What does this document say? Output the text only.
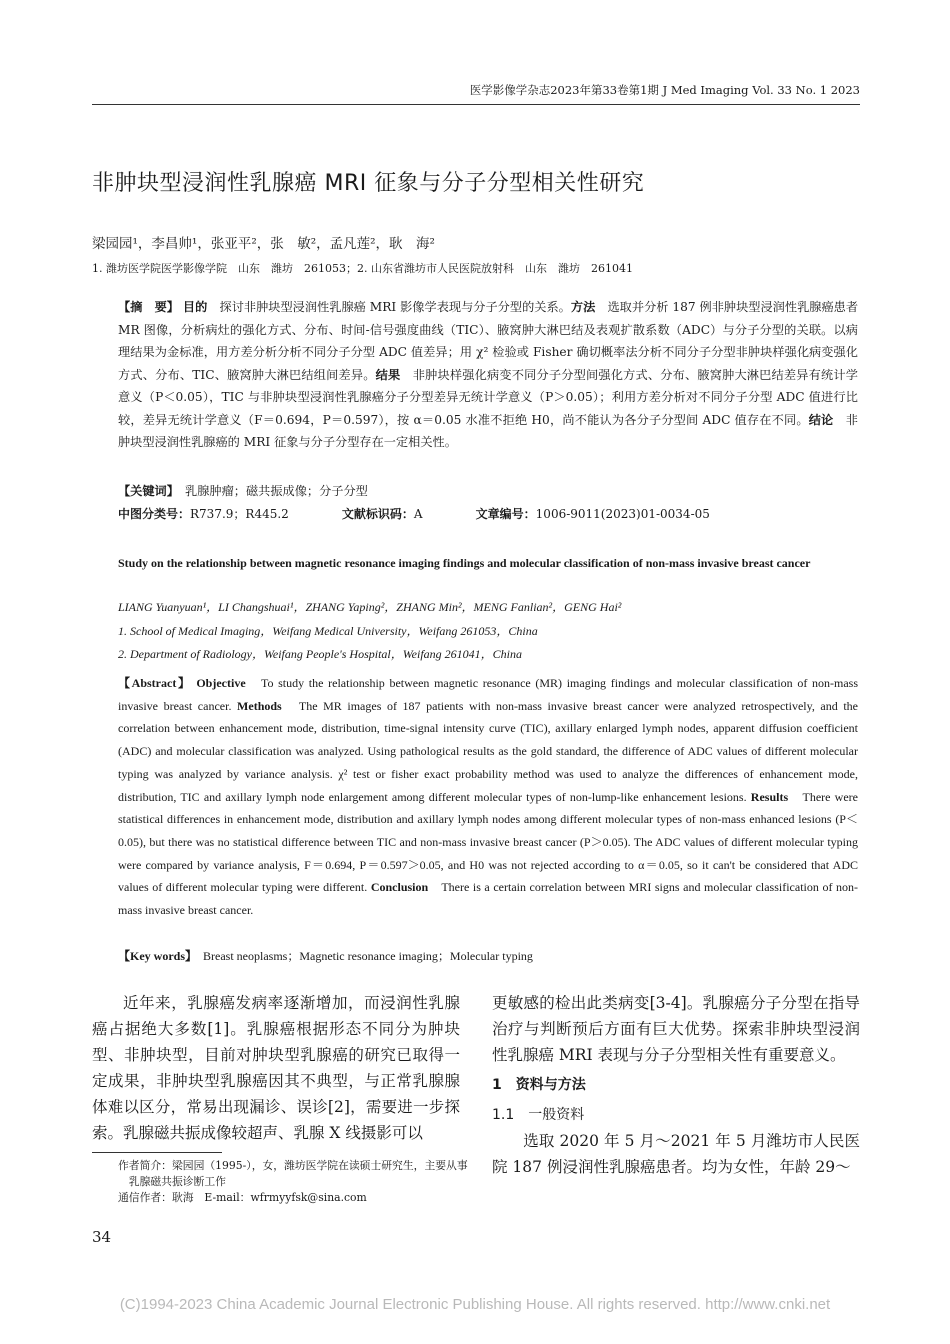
医学影像学杂志2023年第33卷第1期 J Med Imaging Vol. 33 No. 1 2023
非肿块型浸润性乳腺癌 MRI 征象与分子分型相关性研究
梁园园¹，李昌帅¹，张亚平²，张　敏²，孟凡莲²，耿　海²
1. 潍坊医学院医学影像学院　山东　潍坊　261053；2. 山东省潍坊市人民医院放射科　山东　潍坊　261041
【摘　要】 目的　探讨非肿块型浸润性乳腺癌 MRI 影像学表现与分子分型的关系。方法　选取并分析 187 例非肿块型浸润性乳腺癌患者 MR 图像，分析病灶的强化方式、分布、时间-信号强度曲线（TIC）、腋窝肿大淋巴结及表观扩散系数（ADC）与分子分型的关联。以病理结果为金标准，用方差分析分析不同分子分型 ADC 值差异；用 χ² 检验或 Fisher 确切概率法分析不同分子分型非肿块样强化病变强化方式、分布、TIC、腋窝肿大淋巴结组间差异。结果　非肿块样强化病变不同分子分型间强化方式、分布、腋窝肿大淋巴结差异有统计学意义（P＜0.05），TIC 与非肿块型浸润性乳腺癌分子分型差异无统计学意义（P＞0.05）；利用方差分析对不同分子分型 ADC 值进行比较，差异无统计学意义（F＝0.694，P＝0.597），按 α＝0.05 水准不拒绝 H0，尚不能认为各分子分型间 ADC 值存在不同。结论　非肿块型浸润性乳腺癌的 MRI 征象与分子分型存在一定相关性。
【关键词】　乳腺肿瘤；磁共振成像；分子分型
中图分类号：R737.9；R445.2	文献标识码：A	文章编号：1006-9011(2023)01-0034-05
Study on the relationship between magnetic resonance imaging findings and molecular classification of non-mass invasive breast cancer
LIANG Yuanyuan¹，LI Changshuai¹，ZHANG Yaping²，ZHANG Min²，MENG Fanlian²，GENG Hai²
1. School of Medical Imaging，Weifang Medical University，Weifang 261053，China
2. Department of Radiology，Weifang People's Hospital，Weifang 261041，China
【Abstract】 Objective　To study the relationship between magnetic resonance (MR) imaging findings and molecular classification of non-mass invasive breast cancer. Methods　The MR images of 187 patients with non-mass invasive breast cancer were analyzed retrospectively, and the correlation between enhancement mode, distribution, time-signal intensity curve (TIC), axillary enlarged lymph nodes, apparent diffusion coefficient (ADC) and molecular classification was analyzed. Using pathological results as the gold standard, the difference of ADC values of different molecular typing was analyzed by variance analysis. χ² test or fisher exact probability method was used to analyze the differences of enhancement mode, distribution, TIC and axillary lymph node enlargement among different molecular types of non-lump-like enhancement lesions. Results　There were statistical differences in enhancement mode, distribution and axillary lymph nodes among different molecular types of non-mass enhanced lesions (P＜0.05), but there was no statistical difference between TIC and non-mass invasive breast cancer (P＞0.05). The ADC values of different molecular typing were compared by variance analysis, F＝0.694, P＝0.597＞0.05, and H0 was not rejected according to α＝0.05, so it can't be considered that ADC values of different molecular typing were different. Conclusion　There is a certain correlation between MRI signs and molecular classification of non-mass invasive breast cancer.
【Key words】　Breast neoplasms；Magnetic resonance imaging；Molecular typing
近年来，乳腺癌发病率逐渐增加，而浸润性乳腺癌占据绝大多数[1]。乳腺癌根据形态不同分为肿块型、非肿块型，目前对肿块型乳腺癌的研究已取得一定成果，非肿块型乳腺癌因其不典型，与正常乳腺腺体难以区分，常易出现漏诊、误诊[2]，需要进一步探索。乳腺磁共振成像较超声、乳腺 X 线摄影可以
更敏感的检出此类病变[3-4]。乳腺癌分子分型在指导治疗与判断预后方面有巨大优势。探索非肿块型浸润性乳腺癌 MRI 表现与分子分型相关性有重要意义。
1　资料与方法
1.1　一般资料
　　选取 2020 年 5 月～2021 年 5 月潍坊市人民医院 187 例浸润性乳腺癌患者。均为女性，年龄 29～
作者简介：梁园园（1995-），女，潍坊医学院在读硕士研究生，主要从事乳腺磁共振诊断工作
通信作者：耿海　E-mail：wfrmyyfsk@sina.com
34
(C)1994-2023 China Academic Journal Electronic Publishing House. All rights reserved. http://www.cnki.net
